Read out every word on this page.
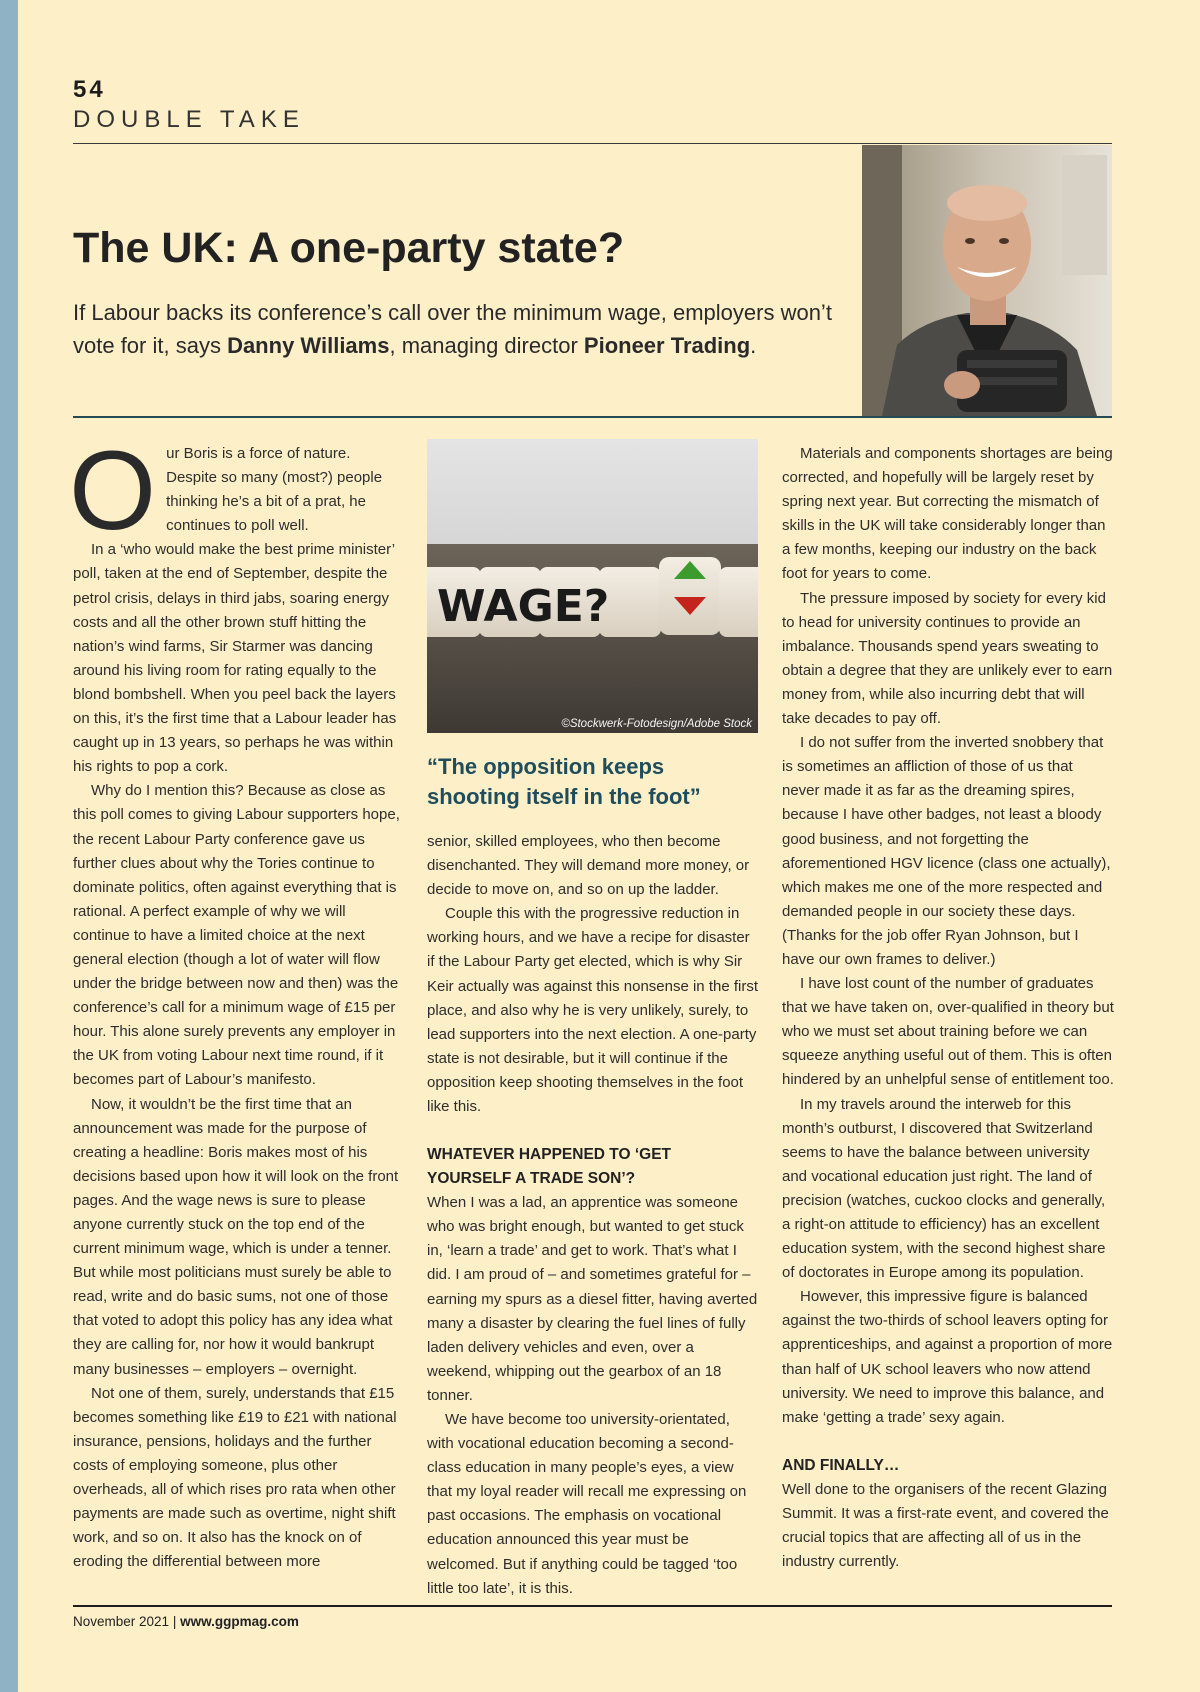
54
DOUBLE TAKE
The UK: A one-party state?

If Labour backs its conference’s call over the minimum wage, employers won’t vote for it, says Danny Williams, managing director Pioneer Trading.

O ur Boris is a force of nature. Despite so many (most?) people thinking he’s a bit of a prat, he continues to poll well.

In a ‘who would make the best prime minister’ poll, taken at the end of September, despite the petrol crisis, delays in third jabs, soaring energy costs and all the other brown stuff hitting the nation’s wind farms, Sir Starmer was dancing around his living room for rating equally to the blond bombshell. When you peel back the layers on this, it’s the first time that a Labour leader has caught up in 13 years, so perhaps he was within his rights to pop a cork.

Why do I mention this? Because as close as this poll comes to giving Labour supporters hope, the recent Labour Party conference gave us further clues about why the Tories continue to dominate politics, often against everything that is rational. A perfect example of why we will continue to have a limited choice at the next general election (though a lot of water will flow under the bridge between now and then) was the conference’s call for a minimum wage of £15 per hour. This alone surely prevents any employer in the UK from voting Labour next time round, if it becomes part of Labour’s manifesto.

Now, it wouldn’t be the first time that an announcement was made for the purpose of creating a headline: Boris makes most of his decisions based upon how it will look on the front pages. And the wage news is sure to please anyone currently stuck on the top end of the current minimum wage, which is under a tenner. But while most politicians must surely be able to read, write and do basic sums, not one of those that voted to adopt this policy has any idea what they are calling for, nor how it would bankrupt many businesses – employers – overnight.

Not one of them, surely, understands that £15 becomes something like £19 to £21 with national insurance, pensions, holidays and the further costs of employing someone, plus other overheads, all of which rises pro rata when other payments are made such as overtime, night shift work, and so on. It also has the knock on of eroding the differential between more

WAGE?
©Stockwerk-Fotodesign/Adobe Stock

“The opposition keeps shooting itself in the foot”

senior, skilled employees, who then become disenchanted. They will demand more money, or decide to move on, and so on up the ladder.

Couple this with the progressive reduction in working hours, and we have a recipe for disaster if the Labour Party get elected, which is why Sir Keir actually was against this nonsense in the first place, and also why he is very unlikely, surely, to lead supporters into the next election. A one-party state is not desirable, but it will continue if the opposition keep shooting themselves in the foot like this.

WHATEVER HAPPENED TO ‘GET YOURSELF A TRADE SON’?

When I was a lad, an apprentice was someone who was bright enough, but wanted to get stuck in, ‘learn a trade’ and get to work. That’s what I did. I am proud of – and sometimes grateful for – earning my spurs as a diesel fitter, having averted many a disaster by clearing the fuel lines of fully laden delivery vehicles and even, over a weekend, whipping out the gearbox of an 18 tonner.

We have become too university-orientated, with vocational education becoming a second-class education in many people’s eyes, a view that my loyal reader will recall me expressing on past occasions. The emphasis on vocational education announced this year must be welcomed. But if anything could be tagged ‘too little too late’, it is this.

Materials and components shortages are being corrected, and hopefully will be largely reset by spring next year. But correcting the mismatch of skills in the UK will take considerably longer than a few months, keeping our industry on the back foot for years to come.

The pressure imposed by society for every kid to head for university continues to provide an imbalance. Thousands spend years sweating to obtain a degree that they are unlikely ever to earn money from, while also incurring debt that will take decades to pay off.

I do not suffer from the inverted snobbery that is sometimes an affliction of those of us that never made it as far as the dreaming spires, because I have other badges, not least a bloody good business, and not forgetting the aforementioned HGV licence (class one actually), which makes me one of the more respected and demanded people in our society these days. (Thanks for the job offer Ryan Johnson, but I have our own frames to deliver.)

I have lost count of the number of graduates that we have taken on, over-qualified in theory but who we must set about training before we can squeeze anything useful out of them. This is often hindered by an unhelpful sense of entitlement too.

In my travels around the interweb for this month’s outburst, I discovered that Switzerland seems to have the balance between university and vocational education just right. The land of precision (watches, cuckoo clocks and generally, a right-on attitude to efficiency) has an excellent education system, with the second highest share of doctorates in Europe among its population.

However, this impressive figure is balanced against the two-thirds of school leavers opting for apprenticeships, and against a proportion of more than half of UK school leavers who now attend university. We need to improve this balance, and make ‘getting a trade’ sexy again.

AND FINALLY…

Well done to the organisers of the recent Glazing Summit. It was a first-rate event, and covered the crucial topics that are affecting all of us in the industry currently.

November 2021 | www.ggpmag.com
